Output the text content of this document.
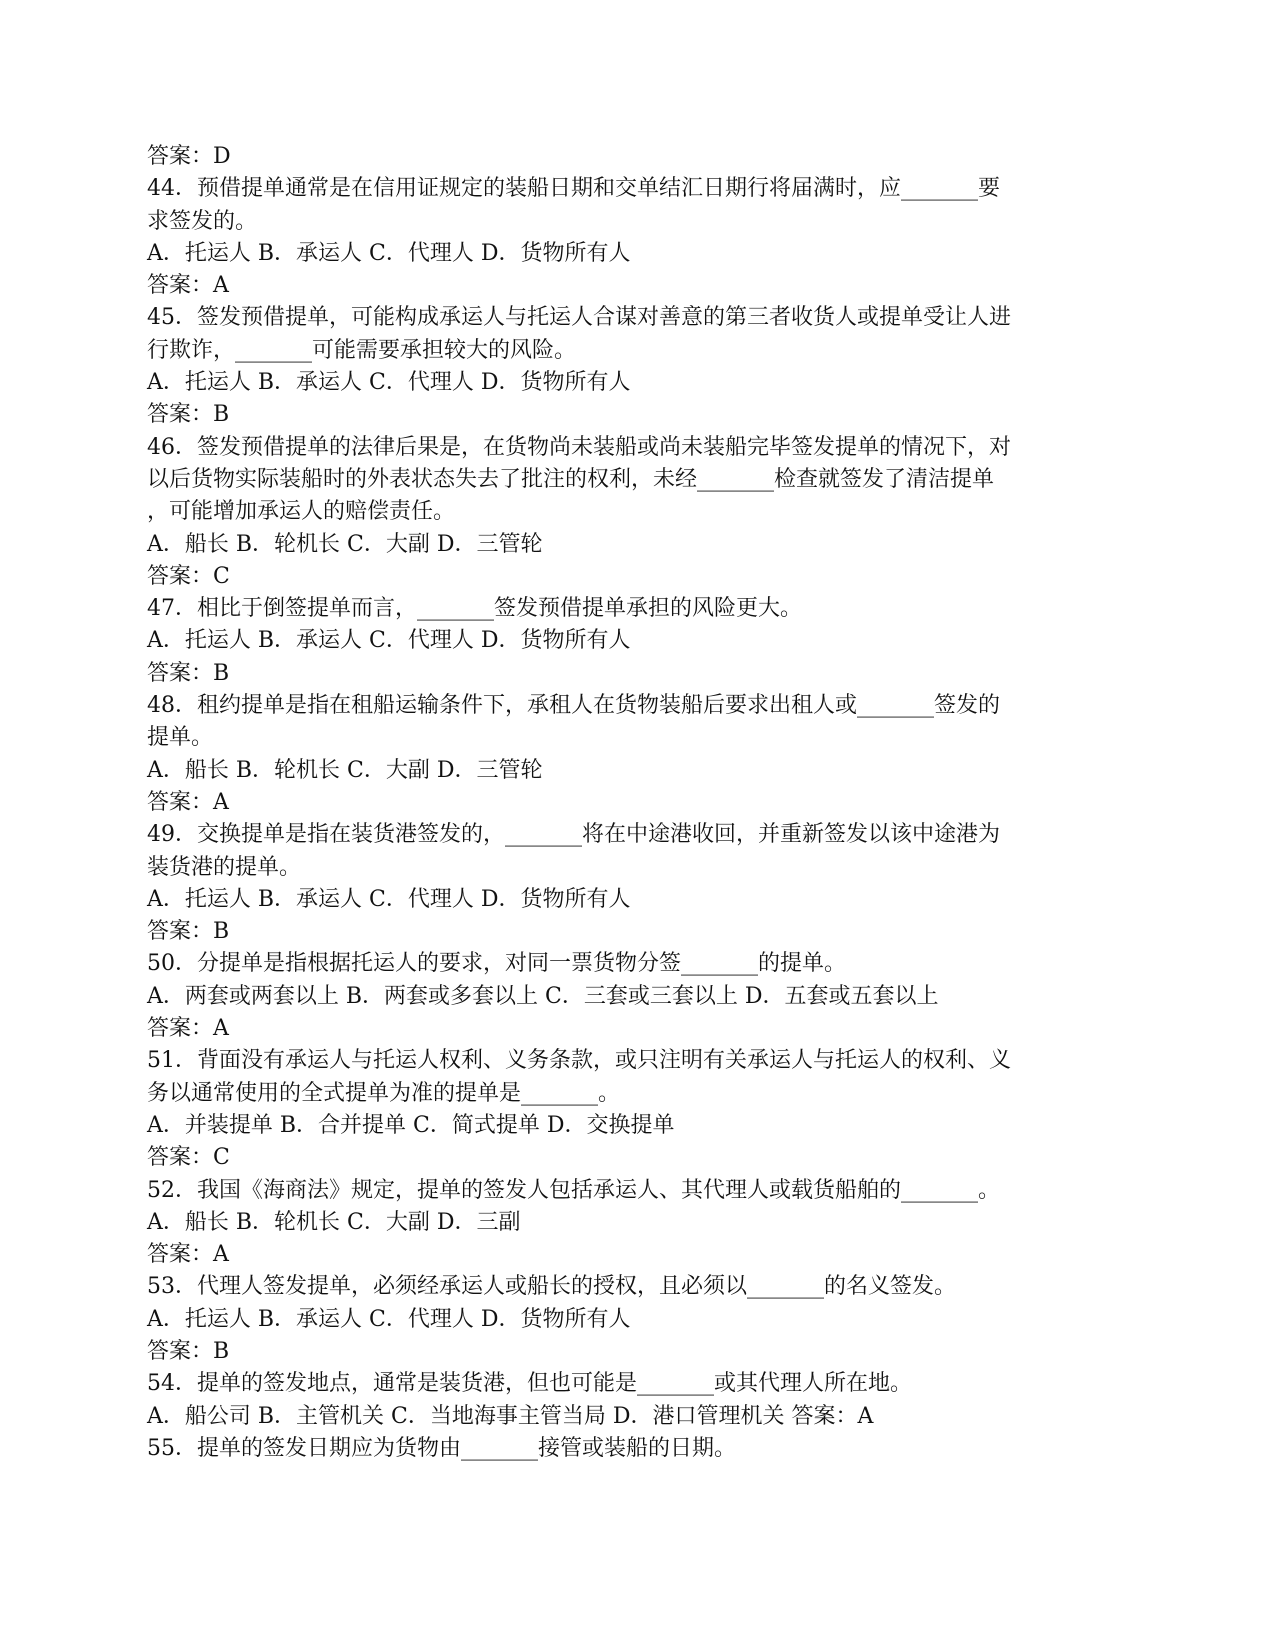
答案：D
44．预借提单通常是在信用证规定的装船日期和交单结汇日期行将届满时，应_______要
求签发的。
A．托运人 B．承运人 C．代理人 D．货物所有人
答案：A
45．签发预借提单，可能构成承运人与托运人合谋对善意的第三者收货人或提单受让人进
行欺诈，_______可能需要承担较大的风险。
A．托运人 B．承运人 C．代理人 D．货物所有人
答案：B
46．签发预借提单的法律后果是，在货物尚未装船或尚未装船完毕签发提单的情况下，对
以后货物实际装船时的外表状态失去了批注的权利，未经_______检查就签发了清洁提单
，可能增加承运人的赔偿责任。
A．船长 B．轮机长 C．大副 D．三管轮
答案：C
47．相比于倒签提单而言，_______签发预借提单承担的风险更大。
A．托运人 B．承运人 C．代理人 D．货物所有人
答案：B
48．租约提单是指在租船运输条件下，承租人在货物装船后要求出租人或_______签发的
提单。
A．船长 B．轮机长 C．大副 D．三管轮
答案：A
49．交换提单是指在装货港签发的，_______将在中途港收回，并重新签发以该中途港为
装货港的提单。
A．托运人 B．承运人 C．代理人 D．货物所有人
答案：B
50．分提单是指根据托运人的要求，对同一票货物分签_______的提单。
A．两套或两套以上 B．两套或多套以上 C．三套或三套以上 D．五套或五套以上
答案：A
51．背面没有承运人与托运人权利、义务条款，或只注明有关承运人与托运人的权利、义
务以通常使用的全式提单为准的提单是_______。
A．并装提单 B．合并提单 C．简式提单 D．交换提单
答案：C
52．我国《海商法》规定，提单的签发人包括承运人、其代理人或载货船舶的_______。
A．船长 B．轮机长 C．大副 D．三副
答案：A
53．代理人签发提单，必须经承运人或船长的授权，且必须以_______的名义签发。
A．托运人 B．承运人 C．代理人 D．货物所有人
答案：B
54．提单的签发地点，通常是装货港，但也可能是_______或其代理人所在地。
A．船公司 B．主管机关 C．当地海事主管当局 D．港口管理机关 答案：A
55．提单的签发日期应为货物由_______接管或装船的日期。
